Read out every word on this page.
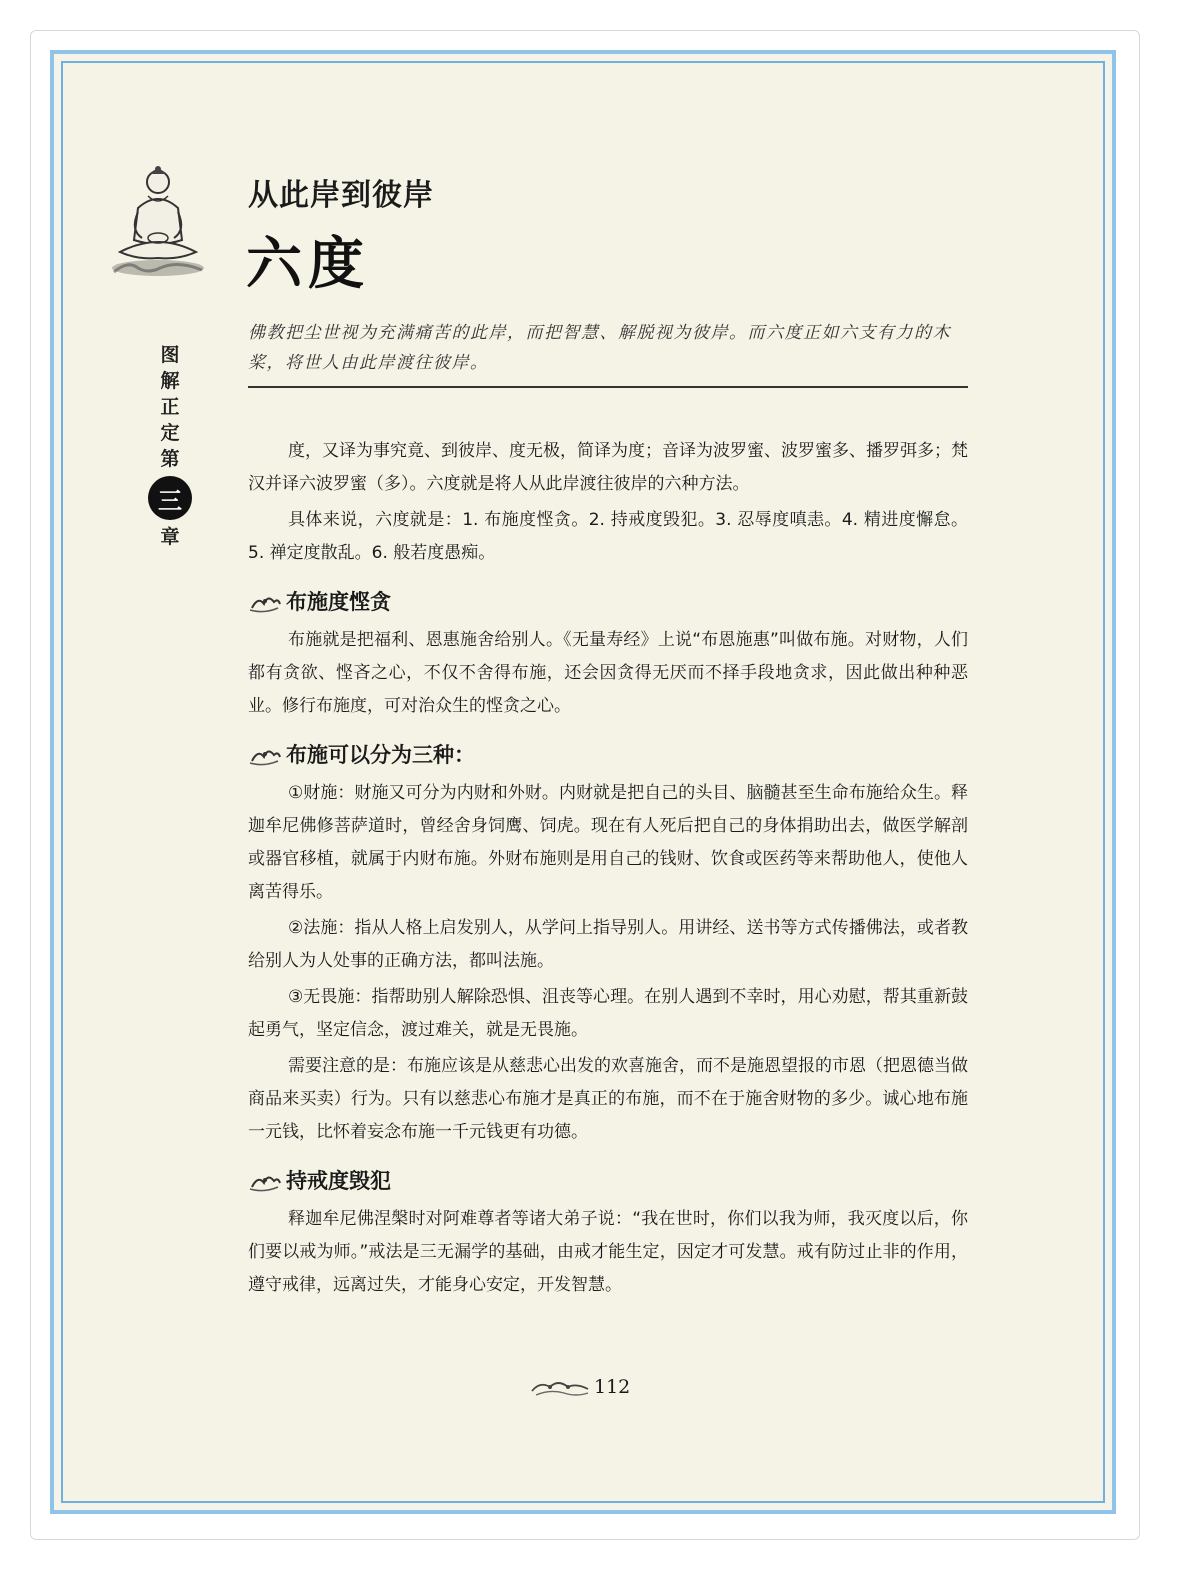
从此岸到彼岸
六度
佛教把尘世视为充满痛苦的此岸，而把智慧、解脱视为彼岸。而六度正如六支有力的木桨，将世人由此岸渡往彼岸。
图
解
正
定
第
三
章

度，又译为事究竟、到彼岸、度无极，简译为度；音译为波罗蜜、波罗蜜多、播罗弭多；梵汉并译六波罗蜜（多）。六度就是将人从此岸渡往彼岸的六种方法。

具体来说，六度就是：1. 布施度悭贪。2. 持戒度毁犯。3. 忍辱度嗔恚。4. 精进度懈怠。5. 禅定度散乱。6. 般若度愚痴。

布施度悭贪

布施就是把福利、恩惠施舍给别人。《无量寿经》上说“布恩施惠”叫做布施。对财物，人们都有贪欲、悭吝之心，不仅不舍得布施，还会因贪得无厌而不择手段地贪求，因此做出种种恶业。修行布施度，可对治众生的悭贪之心。

布施可以分为三种：

①财施：财施又可分为内财和外财。内财就是把自己的头目、脑髓甚至生命布施给众生。释迦牟尼佛修菩萨道时，曾经舍身饲鹰、饲虎。现在有人死后把自己的身体捐助出去，做医学解剖或器官移植，就属于内财布施。外财布施则是用自己的钱财、饮食或医药等来帮助他人，使他人离苦得乐。

②法施：指从人格上启发别人，从学问上指导别人。用讲经、送书等方式传播佛法，或者教给别人为人处事的正确方法，都叫法施。

③无畏施：指帮助别人解除恐惧、沮丧等心理。在别人遇到不幸时，用心劝慰，帮其重新鼓起勇气，坚定信念，渡过难关，就是无畏施。

需要注意的是：布施应该是从慈悲心出发的欢喜施舍，而不是施恩望报的市恩（把恩德当做商品来买卖）行为。只有以慈悲心布施才是真正的布施，而不在于施舍财物的多少。诚心地布施一元钱，比怀着妄念布施一千元钱更有功德。

持戒度毁犯

释迦牟尼佛涅槃时对阿难尊者等诸大弟子说：“我在世时，你们以我为师，我灭度以后，你们要以戒为师。”戒法是三无漏学的基础，由戒才能生定，因定才可发慧。戒有防过止非的作用，遵守戒律，远离过失，才能身心安定，开发智慧。

112
